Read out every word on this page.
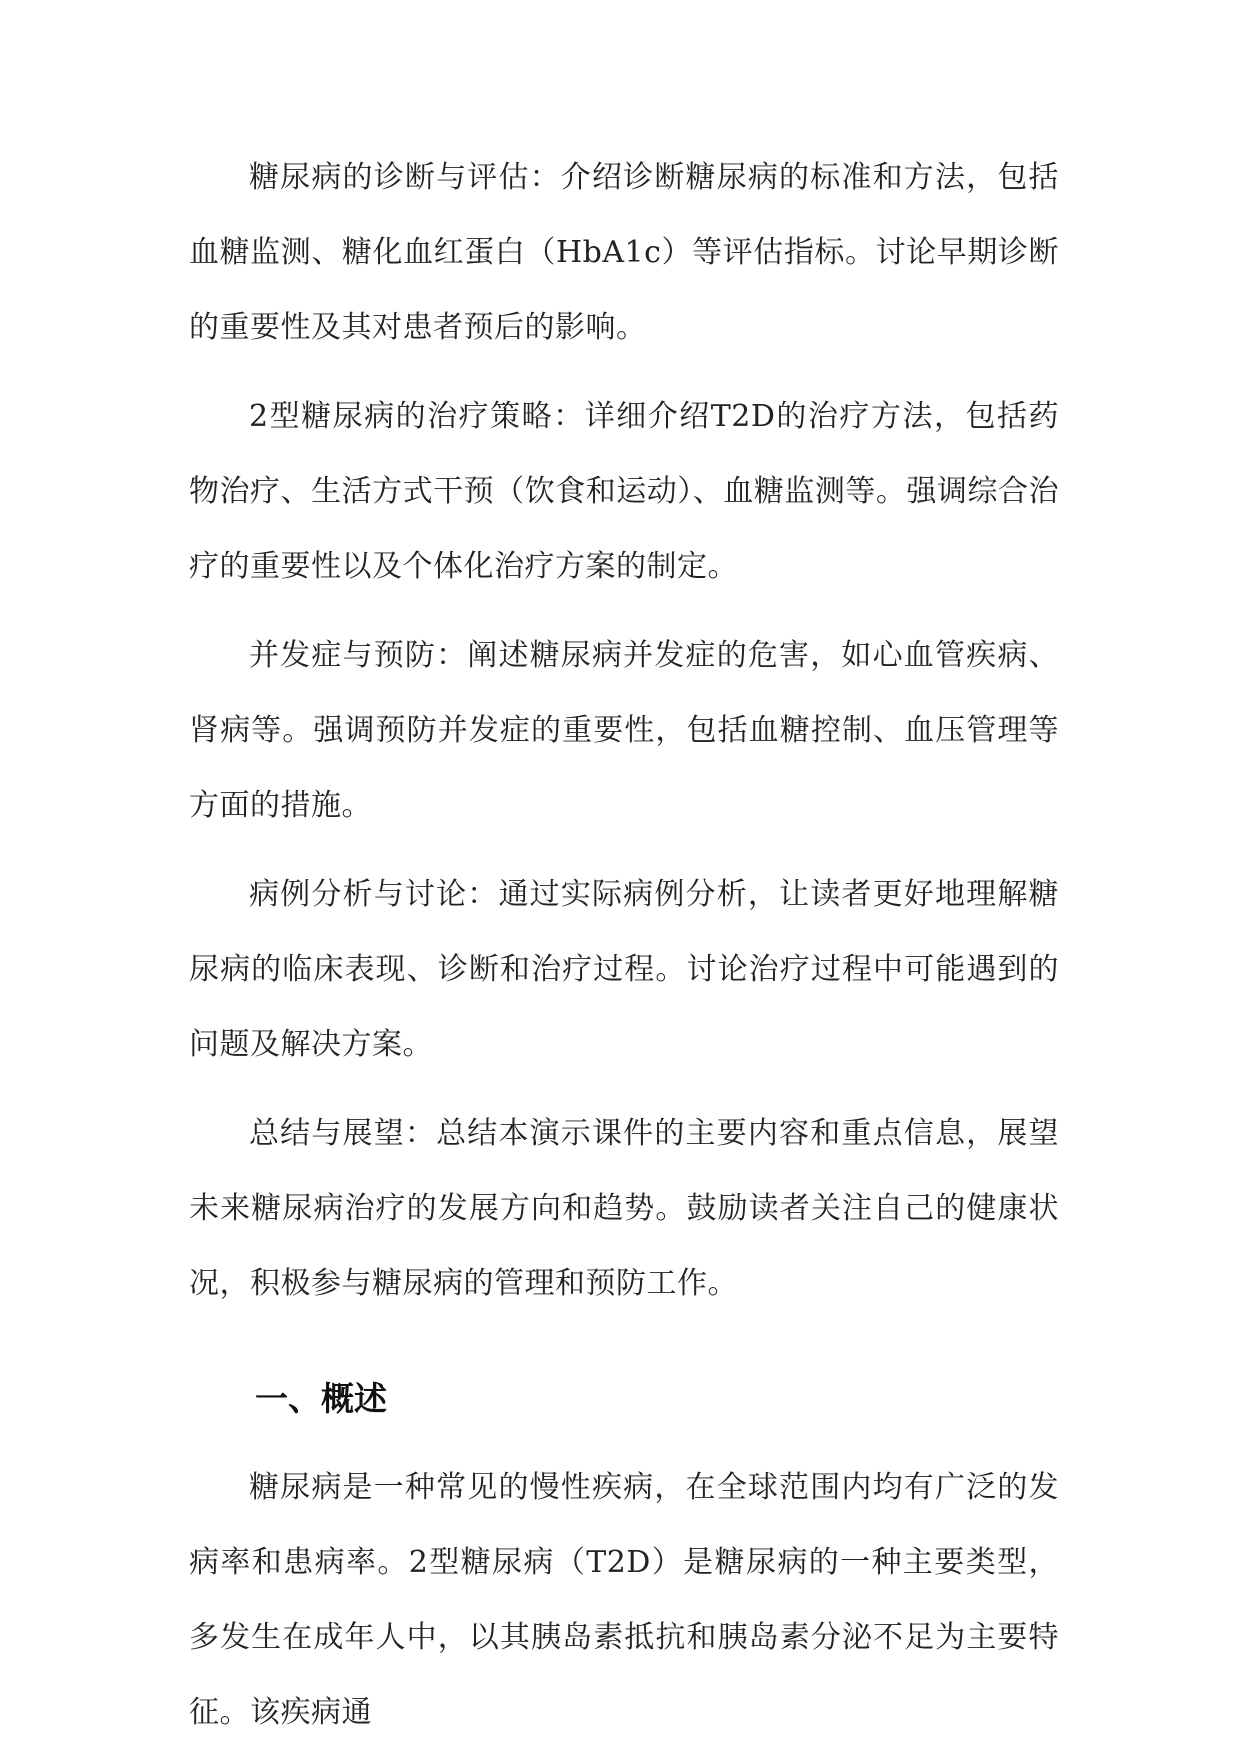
糖尿病的诊断与评估：介绍诊断糖尿病的标准和方法，包括血糖监测、糖化血红蛋白（HbA1c）等评估指标。讨论早期诊断的重要性及其对患者预后的影响。

2型糖尿病的治疗策略：详细介绍T2D的治疗方法，包括药物治疗、生活方式干预（饮食和运动）、血糖监测等。强调综合治疗的重要性以及个体化治疗方案的制定。

并发症与预防：阐述糖尿病并发症的危害，如心血管疾病、肾病等。强调预防并发症的重要性，包括血糖控制、血压管理等方面的措施。

病例分析与讨论：通过实际病例分析，让读者更好地理解糖尿病的临床表现、诊断和治疗过程。讨论治疗过程中可能遇到的问题及解决方案。

总结与展望：总结本演示课件的主要内容和重点信息，展望未来糖尿病治疗的发展方向和趋势。鼓励读者关注自己的健康状况，积极参与糖尿病的管理和预防工作。

一、概述

糖尿病是一种常见的慢性疾病，在全球范围内均有广泛的发病率和患病率。2型糖尿病（T2D）是糖尿病的一种主要类型，多发生在成年人中，以其胰岛素抵抗和胰岛素分泌不足为主要特征。该疾病通
